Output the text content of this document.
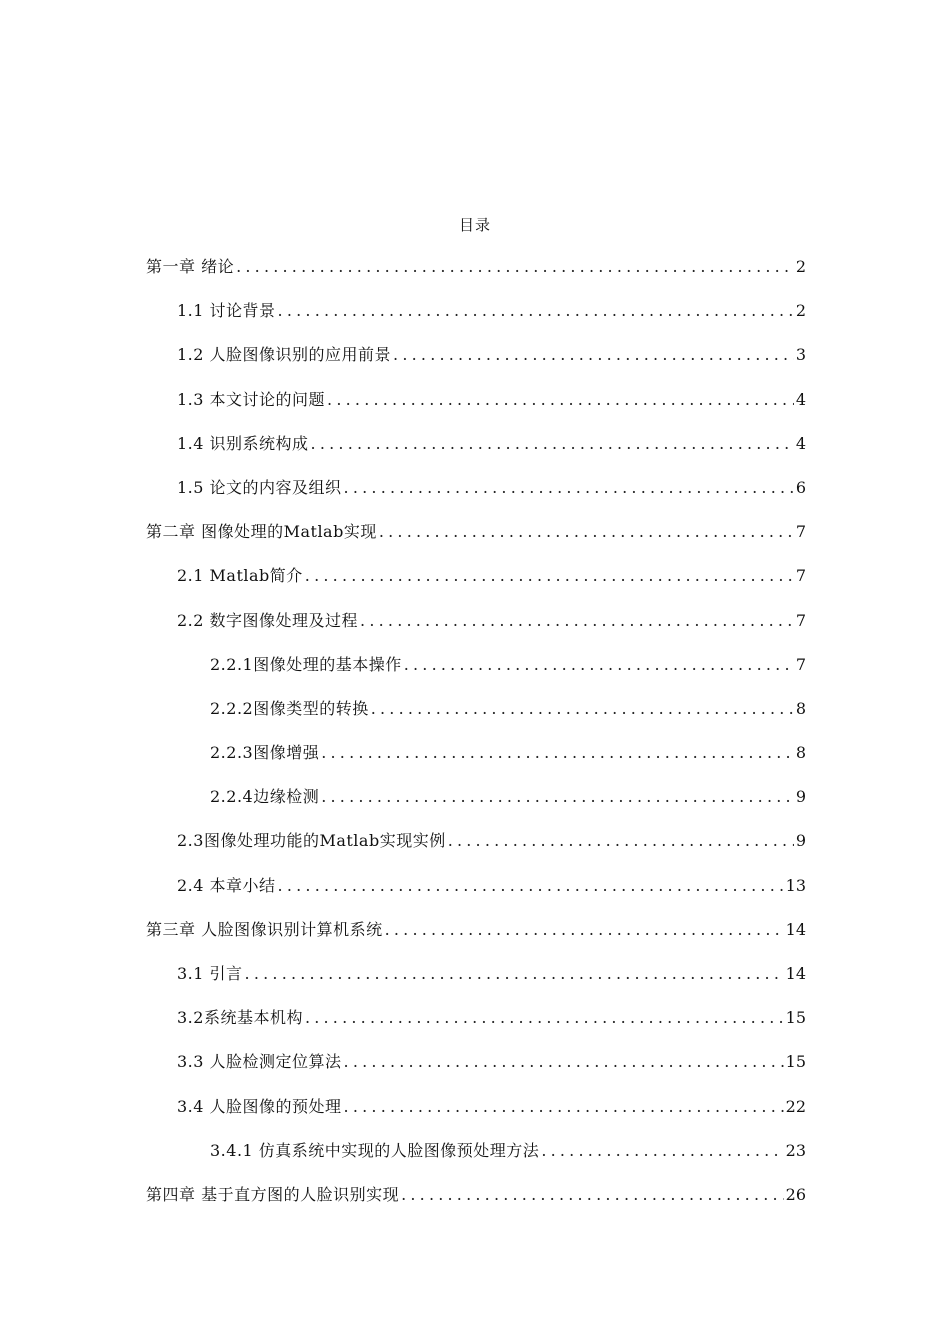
目录
第一章 绪论 .....	2
1.1 讨论背景 .....	2
1.2 人脸图像识别的应用前景 .....	3
1.3 本文讨论的问题 .....	4
1.4 识别系统构成 .....	4
1.5 论文的内容及组织 .....	6
第二章 图像处理的Matlab实现 .....	7
2.1 Matlab简介 .....	7
2.2 数字图像处理及过程 .....	7
2.2.1图像处理的基本操作 .....	7
2.2.2图像类型的转换 .....	8
2.2.3图像增强 .....	8
2.2.4边缘检测 .....	9
2.3图像处理功能的Matlab实现实例 .....	9
2.4 本章小结 .....	13
第三章 人脸图像识别计算机系统 .....	14
3.1 引言 .....	14
3.2系统基本机构 .....	15
3.3 人脸检测定位算法 .....	15
3.4 人脸图像的预处理 .....	22
3.4.1 仿真系统中实现的人脸图像预处理方法 .....	23
第四章 基于直方图的人脸识别实现 .....	26
